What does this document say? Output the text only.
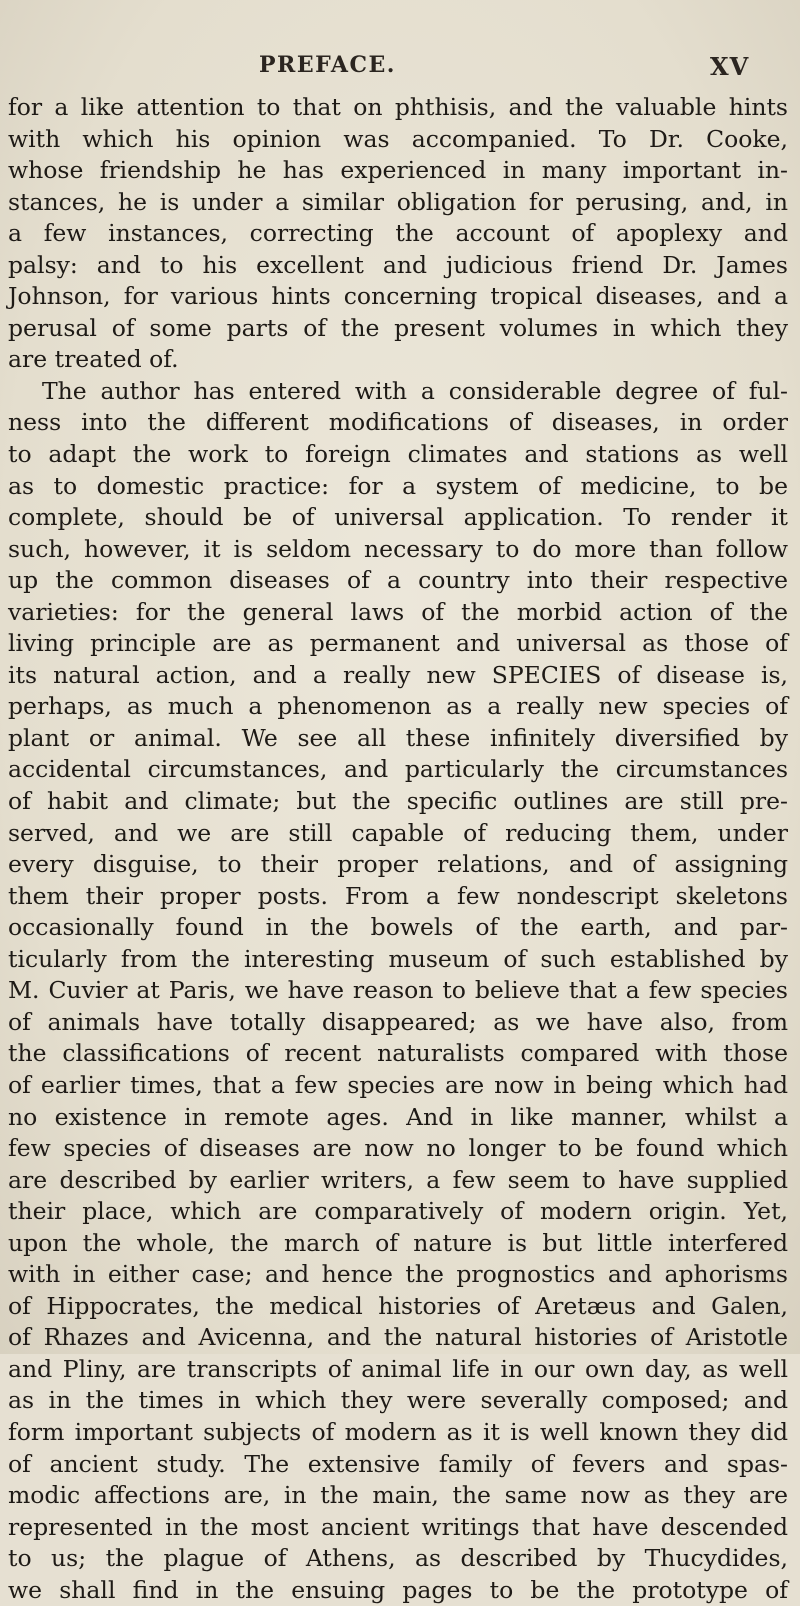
PREFACE.	XV
for a like attention to that on phthisis, and the valuable hints
with which his opinion was accompanied. To Dr. Cooke,
whose friendship he has experienced in many important in-
stances, he is under a similar obligation for perusing, and, in
a few instances, correcting the account of apoplexy and
palsy: and to his excellent and judicious friend Dr. James
Johnson, for various hints concerning tropical diseases, and a
perusal of some parts of the present volumes in which they
are treated of.
The author has entered with a considerable degree of ful-
ness into the different modifications of diseases, in order
to adapt the work to foreign climates and stations as well
as to domestic practice: for a system of medicine, to be
complete, should be of universal application. To render it
such, however, it is seldom necessary to do more than follow
up the common diseases of a country into their respective
varieties: for the general laws of the morbid action of the
living principle are as permanent and universal as those of
its natural action, and a really new SPECIES of disease is,
perhaps, as much a phenomenon as a really new species of
plant or animal. We see all these infinitely diversified by
accidental circumstances, and particularly the circumstances
of habit and climate; but the specific outlines are still pre-
served, and we are still capable of reducing them, under
every disguise, to their proper relations, and of assigning
them their proper posts. From a few nondescript skeletons
occasionally found in the bowels of the earth, and par-
ticularly from the interesting museum of such established by
M. Cuvier at Paris, we have reason to believe that a few species
of animals have totally disappeared; as we have also, from
the classifications of recent naturalists compared with those
of earlier times, that a few species are now in being which had
no existence in remote ages. And in like manner, whilst a
few species of diseases are now no longer to be found which
are described by earlier writers, a few seem to have supplied
their place, which are comparatively of modern origin. Yet,
upon the whole, the march of nature is but little interfered
with in either case; and hence the prognostics and aphorisms
of Hippocrates, the medical histories of Aretæus and Galen,
of Rhazes and Avicenna, and the natural histories of Aristotle
and Pliny, are transcripts of animal life in our own day, as well
as in the times in which they were severally composed; and
form important subjects of modern as it is well known they did
of ancient study. The extensive family of fevers and spas-
modic affections are, in the main, the same now as they are
represented in the most ancient writings that have descended
to us; the plague of Athens, as described by Thucydides,
we shall find in the ensuing pages to be the prototype of
